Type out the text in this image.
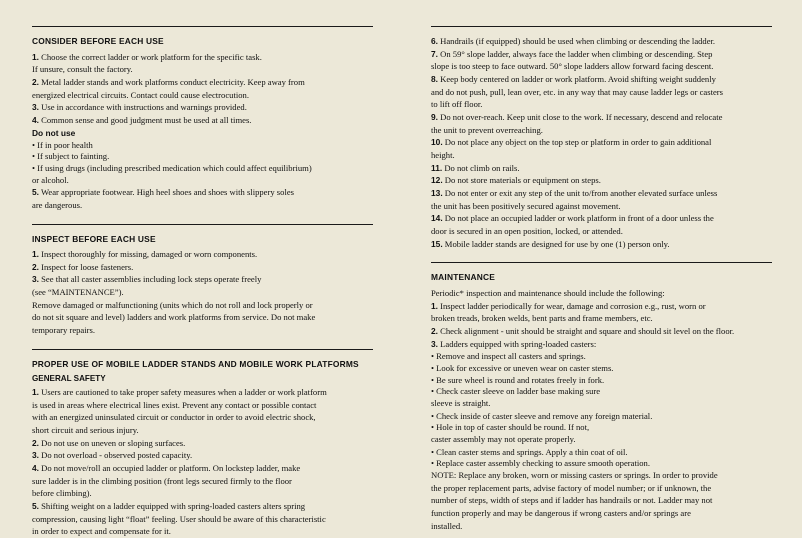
CONSIDER BEFORE EACH USE

1. Choose the correct ladder or work platform for the specific task.

If unsure, consult the factory.

2. Metal ladder stands and work platforms conduct electricity. Keep away from

energized electrical circuits. Contact could cause electrocution.

3. Use in accordance with instructions and warnings provided.

4. Common sense and good judgment must be used at all times.

Do not use

• If in poor health

• If subject to fainting.

• If using drugs (including prescribed medication which could affect equilibrium)

or alcohol.

5. Wear appropriate footwear. High heel shoes and shoes with slippery soles

are dangerous.

INSPECT BEFORE EACH USE

1. Inspect thoroughly for missing, damaged or worn components.

2. Inspect for loose fasteners.

3. See that all caster assemblies including lock steps operate freely

(see “MAINTENANCE”).

Remove damaged or malfunctioning (units which do not roll and lock properly or

do not sit square and level) ladders and work platforms from service. Do not make

temporary repairs.

PROPER USE OF MOBILE LADDER STANDS AND MOBILE WORK PLATFORMS
GENERAL SAFETY

1. Users are cautioned to take proper safety measures when a ladder or work platform

is used in areas where electrical lines exist. Prevent any contact or possible contact

with an energized uninsulated circuit or conductor in order to avoid electric shock,

short circuit and serious injury.

2. Do not use on uneven or sloping surfaces.

3. Do not overload - observed posted capacity.

4. Do not move/roll an occupied ladder or platform. On lockstep ladder, make

sure ladder is in the climbing position (front legs secured firmly to the floor

before climbing).

5. Shifting weight on a ladder equipped with spring-loaded casters alters spring

compression, causing light “float” feeling. User should be aware of this characteristic

in order to expect and compensate for it.

6. Handrails (if equipped) should be used when climbing or descending the ladder.

7. On 59° slope ladder, always face the ladder when climbing or descending. Step

slope is too steep to face outward. 50° slope ladders allow forward facing descent.

8. Keep body centered on ladder or work platform. Avoid shifting weight suddenly

and do not push, pull, lean over, etc. in any way that may cause ladder legs or casters

to lift off floor.

9. Do not over-reach. Keep unit close to the work. If necessary, descend and relocate

the unit to prevent overreaching.

10. Do not place any object on the top step or platform in order to gain additional

height.

11. Do not climb on rails.

12. Do not store materials or equipment on steps.

13. Do not enter or exit any step of the unit to/from another elevated surface unless

the unit has been positively secured against movement.

14. Do not place an occupied ladder or work platform in front of a door unless the

door is secured in an open position, locked, or attended.

15. Mobile ladder stands are designed for use by one (1) person only.

MAINTENANCE

Periodic* inspection and maintenance should include the following:

1. Inspect ladder periodically for wear, damage and corrosion e.g., rust, worn or

broken treads, broken welds, bent parts and frame members, etc.

2. Check alignment - unit should be straight and square and should sit level on the floor.

3. Ladders equipped with spring-loaded casters:

• Remove and inspect all casters and springs.

• Look for excessive or uneven wear on caster stems.

• Be sure wheel is round and rotates freely in fork.

• Check caster sleeve on ladder base making sure

sleeve is straight.

• Check inside of caster sleeve and remove any foreign material.

• Hole in top of caster should be round. If not,

caster assembly may not operate properly.

• Clean caster stems and springs. Apply a thin coat of oil.

• Replace caster assembly checking to assure smooth operation.

NOTE: Replace any broken, worn or missing casters or springs. In order to provide

the proper replacement parts, advise factory of model number; or if unknown, the

number of steps, width of steps and if ladder has handrails or not. Ladder may not

function properly and may be dangerous if wrong casters and/or springs are

installed.
